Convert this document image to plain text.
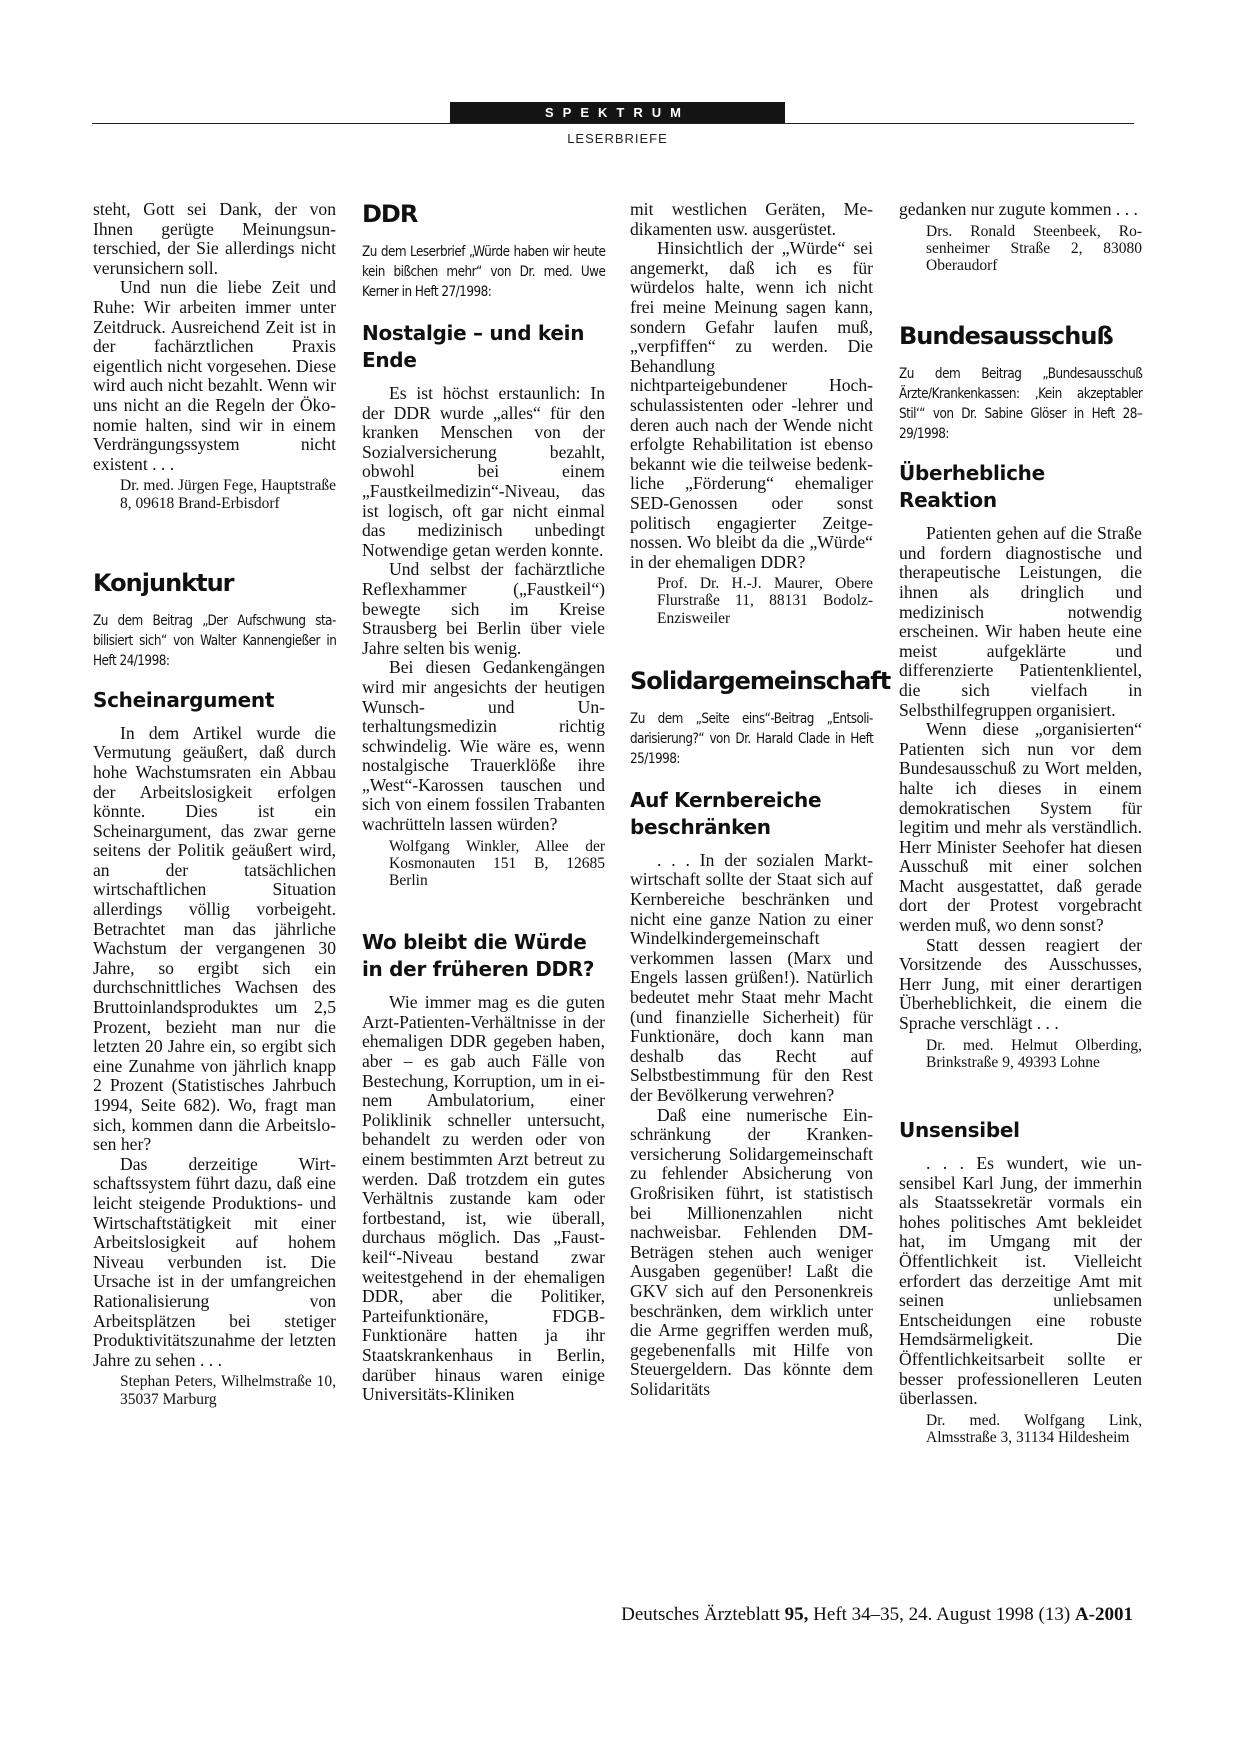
SPEKTRUM
LESERBRIEFE

steht, Gott sei Dank, der von Ihnen gerügte Meinungsunterschied, der Sie allerdings nicht verunsichern soll.

Und nun die liebe Zeit und Ruhe: Wir arbeiten immer unter Zeitdruck. Ausreichend Zeit ist in der fachärztlichen Praxis eigentlich nicht vorgesehen. Diese wird auch nicht bezahlt. Wenn wir uns nicht an die Regeln der Ökonomie halten, sind wir in einem Verdrängungssystem nicht existent . . .

Dr. med. Jürgen Fege, Hauptstraße 8, 09618 Brand-Erbisdorf

Konjunktur

Zu dem Beitrag „Der Aufschwung stabilisiert sich“ von Walter Kannengießer in Heft 24/1998:

Scheinargument

In dem Artikel wurde die Vermutung geäußert, daß durch hohe Wachstumsraten ein Abbau der Arbeitslosigkeit erfolgen könnte. Dies ist ein Scheinargument, das zwar gerne seitens der Politik geäußert wird, an der tatsächlichen wirtschaftlichen Situation allerdings völlig vorbeigeht. Betrachtet man das jährliche Wachstum der vergangenen 30 Jahre, so ergibt sich ein durchschnittliches Wachsen des Bruttoinlandsproduktes um 2,5 Prozent, bezieht man nur die letzten 20 Jahre ein, so ergibt sich eine Zunahme von jährlich knapp 2 Prozent (Statistisches Jahrbuch 1994, Seite 682). Wo, fragt man sich, kommen dann die Arbeitslosen her?

Das derzeitige Wirtschaftssystem führt dazu, daß eine leicht steigende Produktions- und Wirtschaftstätigkeit mit einer Arbeitslosigkeit auf hohem Niveau verbunden ist. Die Ursache ist in der umfangreichen Rationalisierung von Arbeitsplätzen bei stetiger Produktivitätszunahme der letzten Jahre zu sehen . . .

Stephan Peters, Wilhelmstraße 10, 35037 Marburg

DDR

Zu dem Leserbrief „Würde haben wir heute kein bißchen mehr“ von Dr. med. Uwe Kerner in Heft 27/1998:

Nostalgie – und kein Ende

Es ist höchst erstaunlich: In der DDR wurde „alles“ für den kranken Menschen von der Sozialversicherung bezahlt, obwohl bei einem „Faustkeilmedizin“-Niveau, das ist logisch, oft gar nicht einmal das medizinisch unbedingt Notwendige getan werden konnte.

Und selbst der fachärztliche Reflexhammer („Faustkeil“) bewegte sich im Kreise Strausberg bei Berlin über viele Jahre selten bis wenig.

Bei diesen Gedankengängen wird mir angesichts der heutigen Wunsch- und Unterhaltungsmedizin richtig schwindelig. Wie wäre es, wenn nostalgische Trauerklöße ihre „West“-Karossen tauschen und sich von einem fossilen Trabanten wachrütteln lassen würden?

Wolfgang Winkler, Allee der Kosmonauten 151 B, 12685 Berlin

Wo bleibt die Würde in der früheren DDR?

Wie immer mag es die guten Arzt-Patienten-Verhältnisse in der ehemaligen DDR gegeben haben, aber – es gab auch Fälle von Bestechung, Korruption, um in einem Ambulatorium, einer Poliklinik schneller untersucht, behandelt zu werden oder von einem bestimmten Arzt betreut zu werden. Daß trotzdem ein gutes Verhältnis zustande kam oder fortbestand, ist, wie überall, durchaus möglich. Das „Faustkeil“-Niveau bestand zwar weitestgehend in der ehemaligen DDR, aber die Politiker, Parteifunktionäre, FDGB-Funktionäre hatten ja ihr Staatskrankenhaus in Berlin, darüber hinaus waren einige Universitäts-Kliniken

mit westlichen Geräten, Medikamenten usw. ausgerüstet.

Hinsichtlich der „Würde“ sei angemerkt, daß ich es für würdelos halte, wenn ich nicht frei meine Meinung sagen kann, sondern Gefahr laufen muß, „verpfiffen“ zu werden. Die Behandlung nichtparteigebundener Hochschulassistenten oder -lehrer und deren auch nach der Wende nicht erfolgte Rehabilitation ist ebenso bekannt wie die teilweise bedenkliche „Förderung“ ehemaliger SED-Genossen oder sonst politisch engagierter Zeitgenossen. Wo bleibt da die „Würde“ in der ehemaligen DDR?

Prof. Dr. H.-J. Maurer, Obere Flurstraße 11, 88131 Bodolz-Enzisweiler

Solidargemeinschaft

Zu dem „Seite eins“-Beitrag „Entsolidarisierung?“ von Dr. Harald Clade in Heft 25/1998:

Auf Kernbereiche beschränken

. . . In der sozialen Marktwirtschaft sollte der Staat sich auf Kernbereiche beschränken und nicht eine ganze Nation zu einer Windelkindergemeinschaft verkommen lassen (Marx und Engels lassen grüßen!). Natürlich bedeutet mehr Staat mehr Macht (und finanzielle Sicherheit) für Funktionäre, doch kann man deshalb das Recht auf Selbstbestimmung für den Rest der Bevölkerung verwehren?

Daß eine numerische Einschränkung der Krankenversicherung Solidargemeinschaft zu fehlender Absicherung von Großrisiken führt, ist statistisch bei Millionenzahlen nicht nachweisbar. Fehlenden DM-Beträgen stehen auch weniger Ausgaben gegenüber! Laßt die GKV sich auf den Personenkreis beschränken, dem wirklich unter die Arme gegriffen werden muß, gegebenenfalls mit Hilfe von Steuergeldern. Das könnte dem Solidaritäts

gedanken nur zugute kommen . . .

Drs. Ronald Steenbeek, Rosenheimer Straße 2, 83080 Oberaudorf

Bundesausschuß

Zu dem Beitrag „Bundesausschuß Ärzte/Krankenkassen: ‚Kein akzeptabler Stil‘“ von Dr. Sabine Glöser in Heft 28–29/1998:

Überhebliche Reaktion

Patienten gehen auf die Straße und fordern diagnostische und therapeutische Leistungen, die ihnen als dringlich und medizinisch notwendig erscheinen. Wir haben heute eine meist aufgeklärte und differenzierte Patientenklientel, die sich vielfach in Selbsthilfegruppen organisiert.

Wenn diese „organisierten“ Patienten sich nun vor dem Bundesausschuß zu Wort melden, halte ich dieses in einem demokratischen System für legitim und mehr als verständlich. Herr Minister Seehofer hat diesen Ausschuß mit einer solchen Macht ausgestattet, daß gerade dort der Protest vorgebracht werden muß, wo denn sonst?

Statt dessen reagiert der Vorsitzende des Ausschusses, Herr Jung, mit einer derartigen Überheblichkeit, die einem die Sprache verschlägt . . .

Dr. med. Helmut Olberding, Brinkstraße 9, 49393 Lohne

Unsensibel

. . . Es wundert, wie unsensibel Karl Jung, der immerhin als Staatssekretär vormals ein hohes politisches Amt bekleidet hat, im Umgang mit der Öffentlichkeit ist. Vielleicht erfordert das derzeitige Amt mit seinen unliebsamen Entscheidungen eine robuste Hemdsärmeligkeit. Die Öffentlichkeitsarbeit sollte er besser professionelleren Leuten überlassen.

Dr. med. Wolfgang Link, Almsstraße 3, 31134 Hildesheim

Deutsches Ärzteblatt 95, Heft 34–35, 24. August 1998 (13) A-2001
